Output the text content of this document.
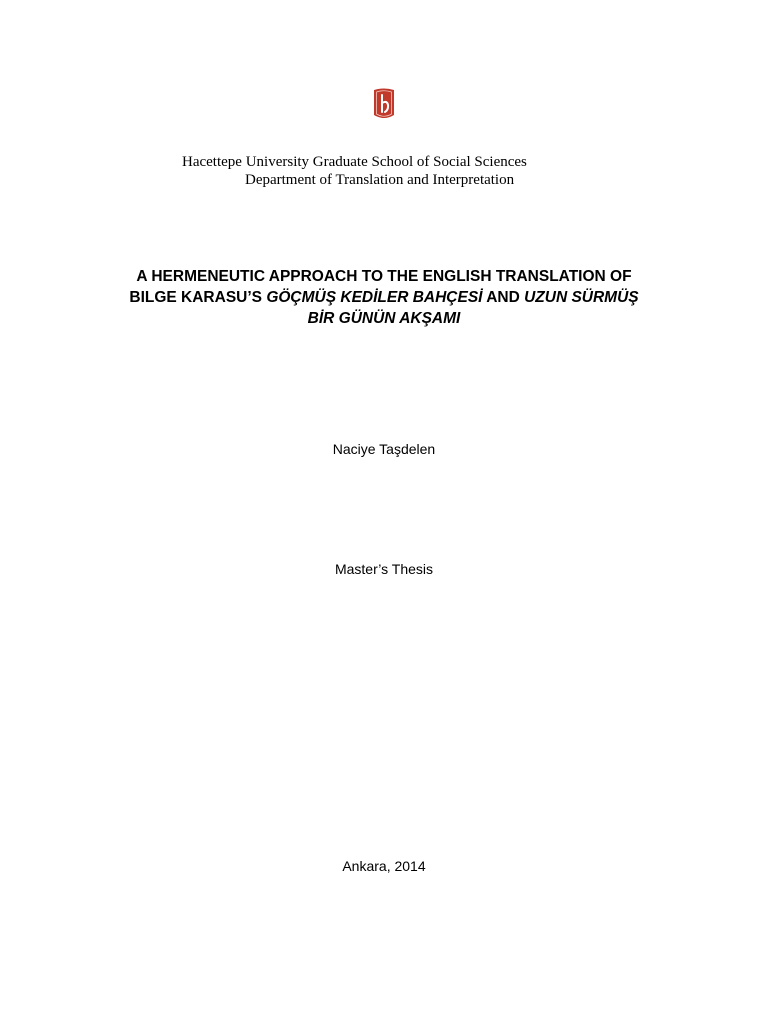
Hacettepe University Graduate School of Social Sciences
Department of Translation and Interpretation
A HERMENEUTIC APPROACH TO THE ENGLISH TRANSLATION OF
BILGE KARASU’S GÖÇMÜŞ KEDİLER BAHÇESİ AND UZUN SÜRMÜŞ
BİR GÜNÜN AKŞAMI
Naciye Taşdelen
Master’s Thesis
Ankara, 2014
